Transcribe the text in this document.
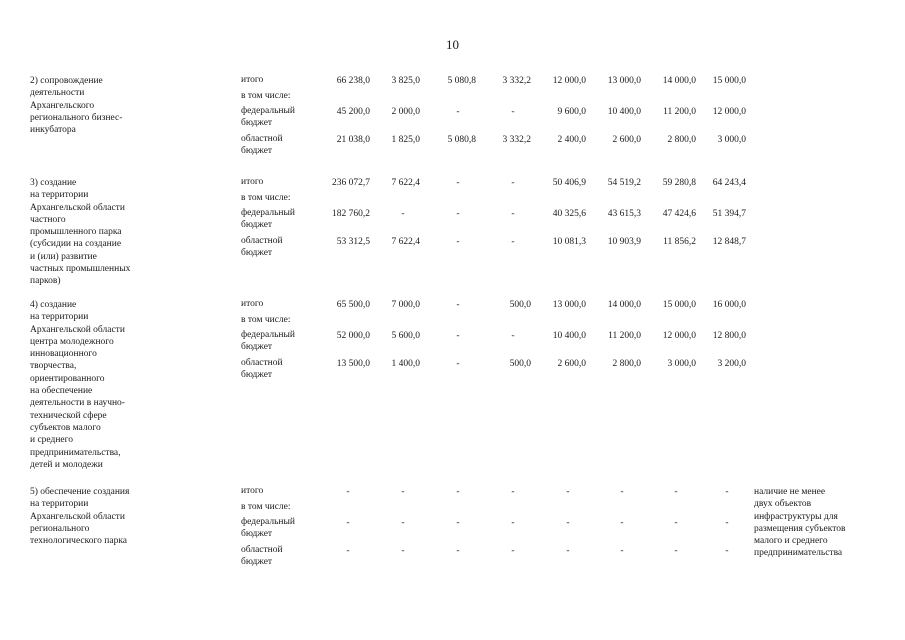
10
2) сопровождение
деятельности
Архангельского
регионального бизнес-
инкубатора
итого	66 238,0	3 825,0	5 080,8	3 332,2	12 000,0	13 000,0	14 000,0	15 000,0
в том числе:
федеральный
бюджет
45 200,0	2 000,0	-	-	9 600,0	10 400,0	11 200,0	12 000,0
областной
бюджет
21 038,0	1 825,0	5 080,8	3 332,2	2 400,0	2 600,0	2 800,0	3 000,0
3) создание
на территории
Архангельской области
частного
промышленного парка
(субсидии на создание
и (или) развитие
частных промышленных
парков)
итого	236 072,7	7 622,4	-	-	50 406,9	54 519,2	59 280,8	64 243,4
в том числе:
федеральный
бюджет
182 760,2	-	-	-	40 325,6	43 615,3	47 424,6	51 394,7
областной
бюджет
53 312,5	7 622,4	-	-	10 081,3	10 903,9	11 856,2	12 848,7
4) создание
на территории
Архангельской области
центра молодежного
инновационного
творчества,
ориентированного
на обеспечение
деятельности в научно-
технической сфере
субъектов малого
и среднего
предпринимательства,
детей и молодежи
итого	65 500,0	7 000,0	-	500,0	13 000,0	14 000,0	15 000,0	16 000,0
в том числе:
федеральный
бюджет
52 000,0	5 600,0	-	-	10 400,0	11 200,0	12 000,0	12 800,0
областной
бюджет
13 500,0	1 400,0	-	500,0	2 600,0	2 800,0	3 000,0	3 200,0
5) обеспечение создания
на территории
Архангельской области
регионального
технологического парка
итого	-	-	-	-	-	-	-	-
в том числе:
федеральный
бюджет
-	-	-	-	-	-	-	-
областной
бюджет
-	-	-	-	-	-	-	-
наличие не менее
двух объектов
инфраструктуры для
размещения субъектов
малого и среднего
предпринимательства
